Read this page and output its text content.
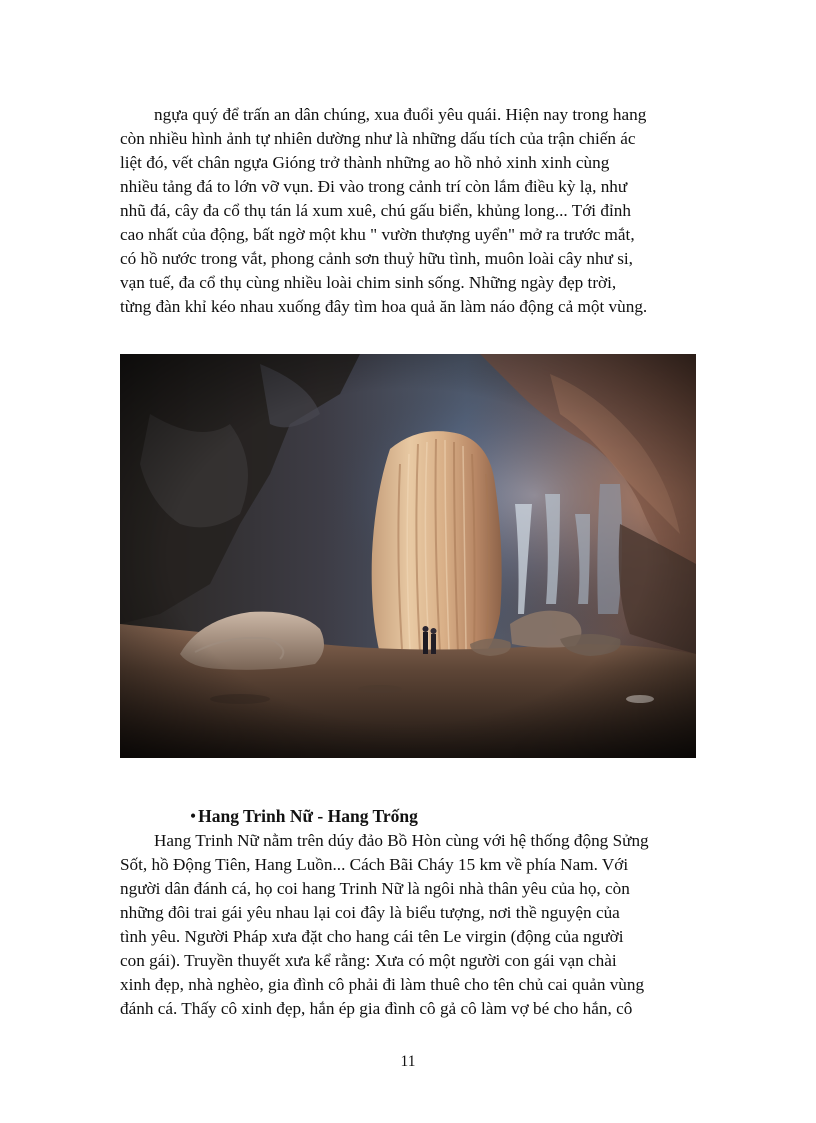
ngựa quý để trấn an dân chúng, xua đuổi yêu quái. Hiện nay trong hang
còn nhiều hình ảnh tự nhiên dường như là những dấu tích của trận chiến ác
liệt đó, vết chân ngựa Gióng trở thành những ao hồ nhỏ xinh xinh cùng
nhiều tảng đá to lớn vỡ vụn. Đi vào trong cảnh trí còn lắm điều kỳ lạ, như
nhũ đá, cây đa cổ thụ tán lá xum xuê, chú gấu biển, khủng long... Tới đỉnh
cao nhất của động, bất ngờ một khu " vườn thượng uyển" mở ra trước mắt,
có hồ nước trong vắt, phong cảnh sơn thuỷ hữu tình, muôn loài cây như si,
vạn tuế, đa cổ thụ cùng nhiều loài chim sinh sống. Những ngày đẹp trời,
từng đàn khỉ kéo nhau xuống đây tìm hoa quả ăn làm náo động cả một vùng.
• Hang Trinh Nữ - Hang Trống
Hang Trinh Nữ nằm trên dúy đảo Bồ Hòn cùng với hệ thống động Sửng
Sốt, hồ Động Tiên, Hang Luồn... Cách Bãi Cháy 15 km về phía Nam. Với
người dân đánh cá, họ coi hang Trinh Nữ là ngôi nhà thân yêu của họ, còn
những đôi trai gái yêu nhau lại coi đây là biểu tượng, nơi thề nguyện của
tình yêu. Người Pháp xưa đặt cho hang cái tên Le virgin (động của người
con gái). Truyền thuyết xưa kể rằng: Xưa có một người con gái vạn chài
xinh đẹp, nhà nghèo, gia đình cô phải đi làm thuê cho tên chủ cai quản vùng
đánh cá. Thấy cô xinh đẹp, hắn ép gia đình cô gả cô làm vợ bé cho hắn, cô
11
